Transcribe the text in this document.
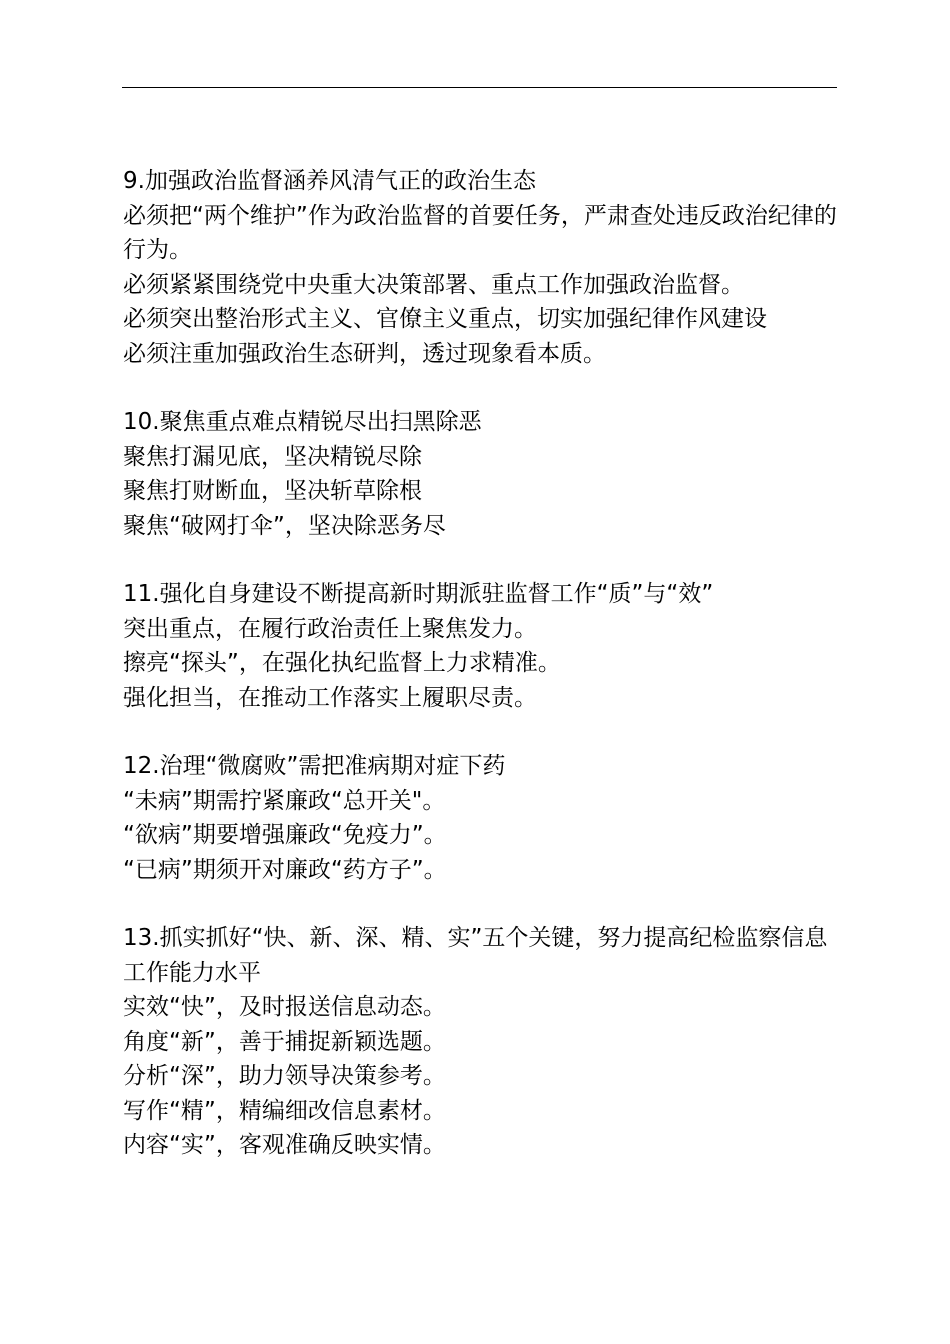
9.加强政治监督涵养风清气正的政治生态
必须把“两个维护”作为政治监督的首要任务，严肃查处违反政治纪律的行为。
必须紧紧围绕党中央重大决策部署、重点工作加强政治监督。
必须突出整治形式主义、官僚主义重点，切实加强纪律作风建设
必须注重加强政治生态研判，透过现象看本质。
10.聚焦重点难点精锐尽出扫黑除恶
聚焦打漏见底，坚决精锐尽除
聚焦打财断血，坚决斩草除根
聚焦“破网打伞”，坚决除恶务尽
11.强化自身建设不断提高新时期派驻监督工作“质”与“效”
突出重点，在履行政治责任上聚焦发力。
擦亮“探头”，在强化执纪监督上力求精准。
强化担当，在推动工作落实上履职尽责。
12.治理“微腐败”需把准病期对症下药
“未病”期需拧紧廉政“总开关"。
“欲病”期要增强廉政“免疫力”。
“已病”期须开对廉政“药方子”。
13.抓实抓好“快、新、深、精、实”五个关键，努力提高纪检监察信息工作能力水平
实效“快”，及时报送信息动态。
角度“新”，善于捕捉新颖选题。
分析“深”，助力领导决策参考。
写作“精”，精编细改信息素材。
内容“实”，客观准确反映实情。
